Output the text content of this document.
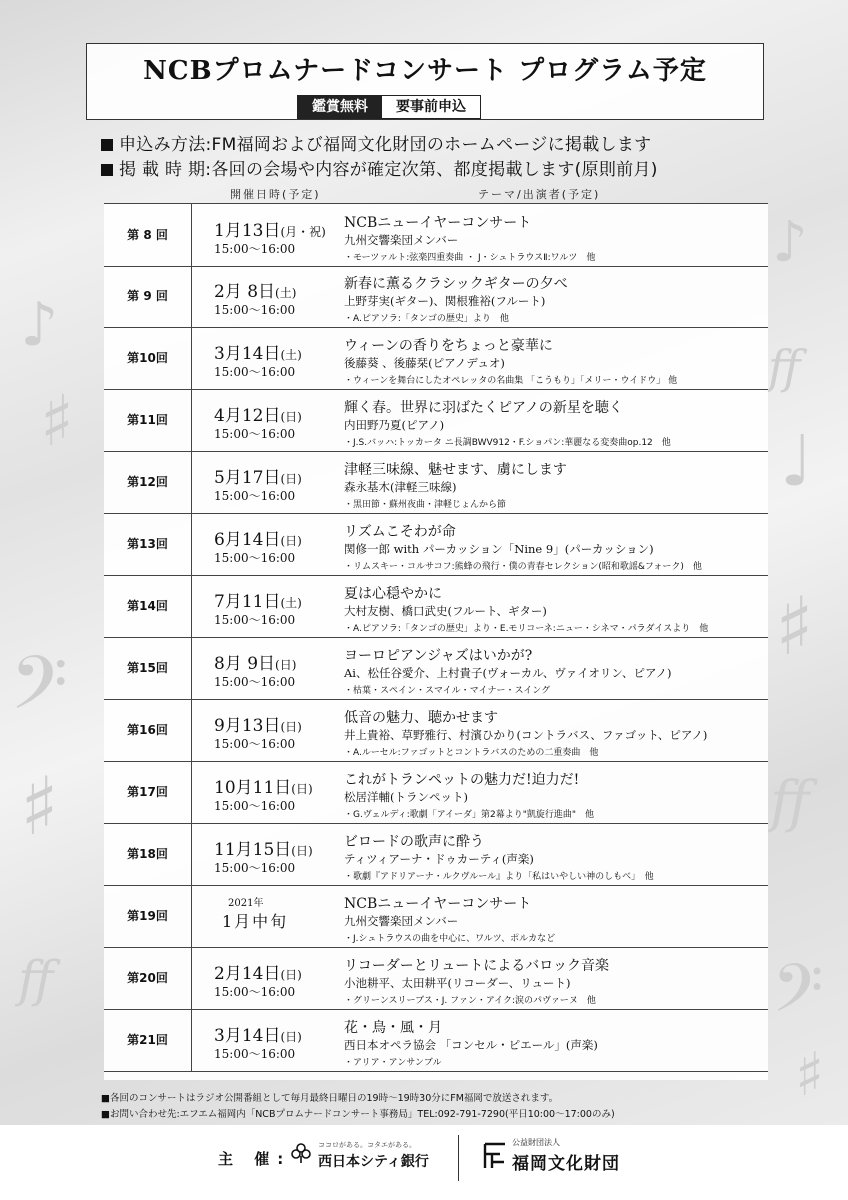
♪
♯
𝄢
♯
ff
♪
ff
♩
♯
ff
𝄢
♯
NCBプロムナードコンサート プログラム予定
鑑賞無料	要事前申込
申込み方法:FM福岡および福岡文化財団のホームページに掲載します
掲 載 時 期:各回の会場や内容が確定次第、都度掲載します(原則前月)
開催日時(予定)	テーマ/出演者(予定)
第 8 回	1月13日(月・祝)
15:00〜16:00
NCBニューイヤーコンサート
九州交響楽団メンバー
・モーツァルト:弦楽四重奏曲 ・ J・シュトラウスⅡ:ワルツ　他
第 9 回	2月 8日(土)
15:00〜16:00
新春に薫るクラシックギターの夕べ
上野芽実(ギター)、関根雅裕(フルート)
・A.ピアソラ:「タンゴの歴史」より　他
第10回	3月14日(土)
15:00〜16:00
ウィーンの香りをちょっと豪華に
後藤葵 、後藤栞(ピアノデュオ)
・ウィーンを舞台にしたオペレッタの名曲集 「こうもり」「メリー・ウイドウ」 他
第11回	4月12日(日)
15:00〜16:00
輝く春。世界に羽ばたくピアノの新星を聴く
内田野乃夏(ピアノ)
・J.S.バッハ:トッカータ ニ長調BWV912・F.ショパン:華麗なる変奏曲op.12　他
第12回	5月17日(日)
15:00〜16:00
津軽三味線、魅せます、虜にします
森永基木(津軽三味線)
・黒田節・蘇州夜曲・津軽じょんから節
第13回	6月14日(日)
15:00〜16:00
リズムこそわが命
関修一郎 with パーカッション「Nine 9」(パーカッション)
・リムスキー・コルサコフ:熊蜂の飛行・僕の青春セレクション(昭和歌謡&フォーク)　他
第14回	7月11日(土)
15:00〜16:00
夏は心穏やかに
大村友樹、橋口武史(フルート、ギター)
・A.ピアソラ:「タンゴの歴史」より・E.モリコーネ:ニュー・シネマ・パラダイスより　他
第15回	8月 9日(日)
15:00〜16:00
ヨーロピアンジャズはいかが?
Ai、松任谷愛介、上村貴子(ヴォーカル、ヴァイオリン、ピアノ)
・枯葉・スペイン・スマイル・マイナー・スイング
第16回	9月13日(日)
15:00〜16:00
低音の魅力、聴かせます
井上貴裕、草野雅行、村濱ひかり(コントラバス、ファゴット、ピアノ)
・A.ルーセル:ファゴットとコントラバスのための二重奏曲　他
第17回	10月11日(日)
15:00〜16:00
これがトランペットの魅力だ!迫力だ!
松居洋輔(トランペット)
・G.ヴェルディ:歌劇「アイーダ」第2幕より"凱旋行進曲"　他
第18回	11月15日(日)
15:00〜16:00
ビロードの歌声に酔う
ティツィアーナ・ドゥカーティ(声楽)
・歌劇『アドリアーナ・ルクヴルール』より「私はいやしい神のしもべ」　他
第19回
2021年
1月中旬
NCBニューイヤーコンサート
九州交響楽団メンバー
・J.シュトラウスの曲を中心に、ワルツ、ポルカなど
第20回	2月14日(日)
15:00〜16:00
リコーダーとリュートによるバロック音楽
小池耕平、太田耕平(リコーダー、リュート)
・グリーンスリーブス・J. ファン・アイク:涙のパヴァーヌ　他
第21回	3月14日(日)
15:00〜16:00
花・鳥・風・月
西日本オペラ協会 「コンセル・ピエール」(声楽)
・アリア・アンサンブル
■各回のコンサートはラジオ公開番組として毎月最終日曜日の19時〜19時30分にFM福岡で放送されます。
■お問い合わせ先:エフエム福岡内「NCBプロムナードコンサート事務局」TEL:092-791-7290(平日10:00〜17:00のみ)
主 催:
ココロがある。コタエがある。
西日本シティ銀行
公益財団法人
福岡文化財団
